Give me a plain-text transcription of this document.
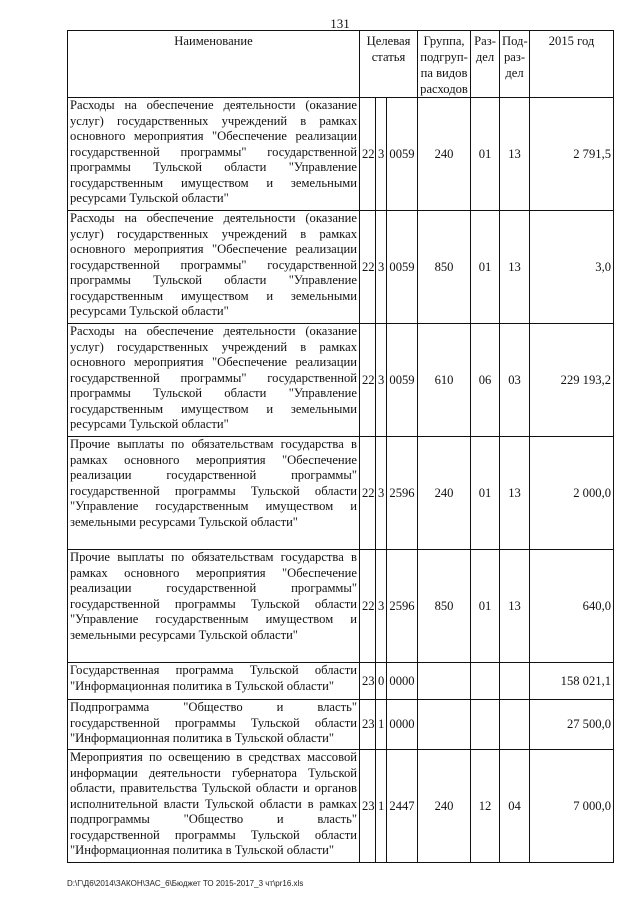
131
Наименование	Целевая статья			Группа, подгруп-па видов расходов	Раз-дел	Под-раз-дел	2015 год
Расходы на обеспечение деятельности (оказание услуг) государственных учреждений в рамках основного мероприятия "Обеспечение реализации государственной программы" государственной программы Тульской области "Управление государственным имуществом и земельными ресурсами Тульской области"	22	3	0059	240	01	13	2 791,5
Расходы на обеспечение деятельности (оказание услуг) государственных учреждений в рамках основного мероприятия "Обеспечение реализации государственной программы" государственной программы Тульской области "Управление государственным имуществом и земельными ресурсами Тульской области"	22	3	0059	850	01	13	3,0
Расходы на обеспечение деятельности (оказание услуг) государственных учреждений в рамках основного мероприятия "Обеспечение реализации государственной программы" государственной программы Тульской области "Управление государственным имуществом и земельными ресурсами Тульской области"	22	3	0059	610	06	03	229 193,2
Прочие выплаты по обязательствам государства в рамках основного мероприятия "Обеспечение реализации государственной программы" государственной программы Тульской области "Управление государственным имуществом и земельными ресурсами Тульской области"	22	3	2596	240	01	13	2 000,0
Прочие выплаты по обязательствам государства в рамках основного мероприятия "Обеспечение реализации государственной программы" государственной программы Тульской области "Управление государственным имуществом и земельными ресурсами Тульской области"	22	3	2596	850	01	13	640,0
Государственная программа Тульской области "Информационная политика в Тульской области"	23	0	0000				158 021,1
Подпрограмма "Общество и власть" государственной программы Тульской области "Информационная политика в Тульской области"	23	1	0000				27 500,0
Мероприятия по освещению в средствах массовой информации деятельности губернатора Тульской области, правительства Тульской области и органов исполнительной власти Тульской области в рамках подпрограммы "Общество и власть" государственной программы Тульской области "Информационная политика в Тульской области"	23	1	2447	240	12	04	7 000,0
D:\Г\Д6\2014\ЗАКОН\ЗАС_6\Бюджет ТО 2015-2017_3 чт\pr16.xls
